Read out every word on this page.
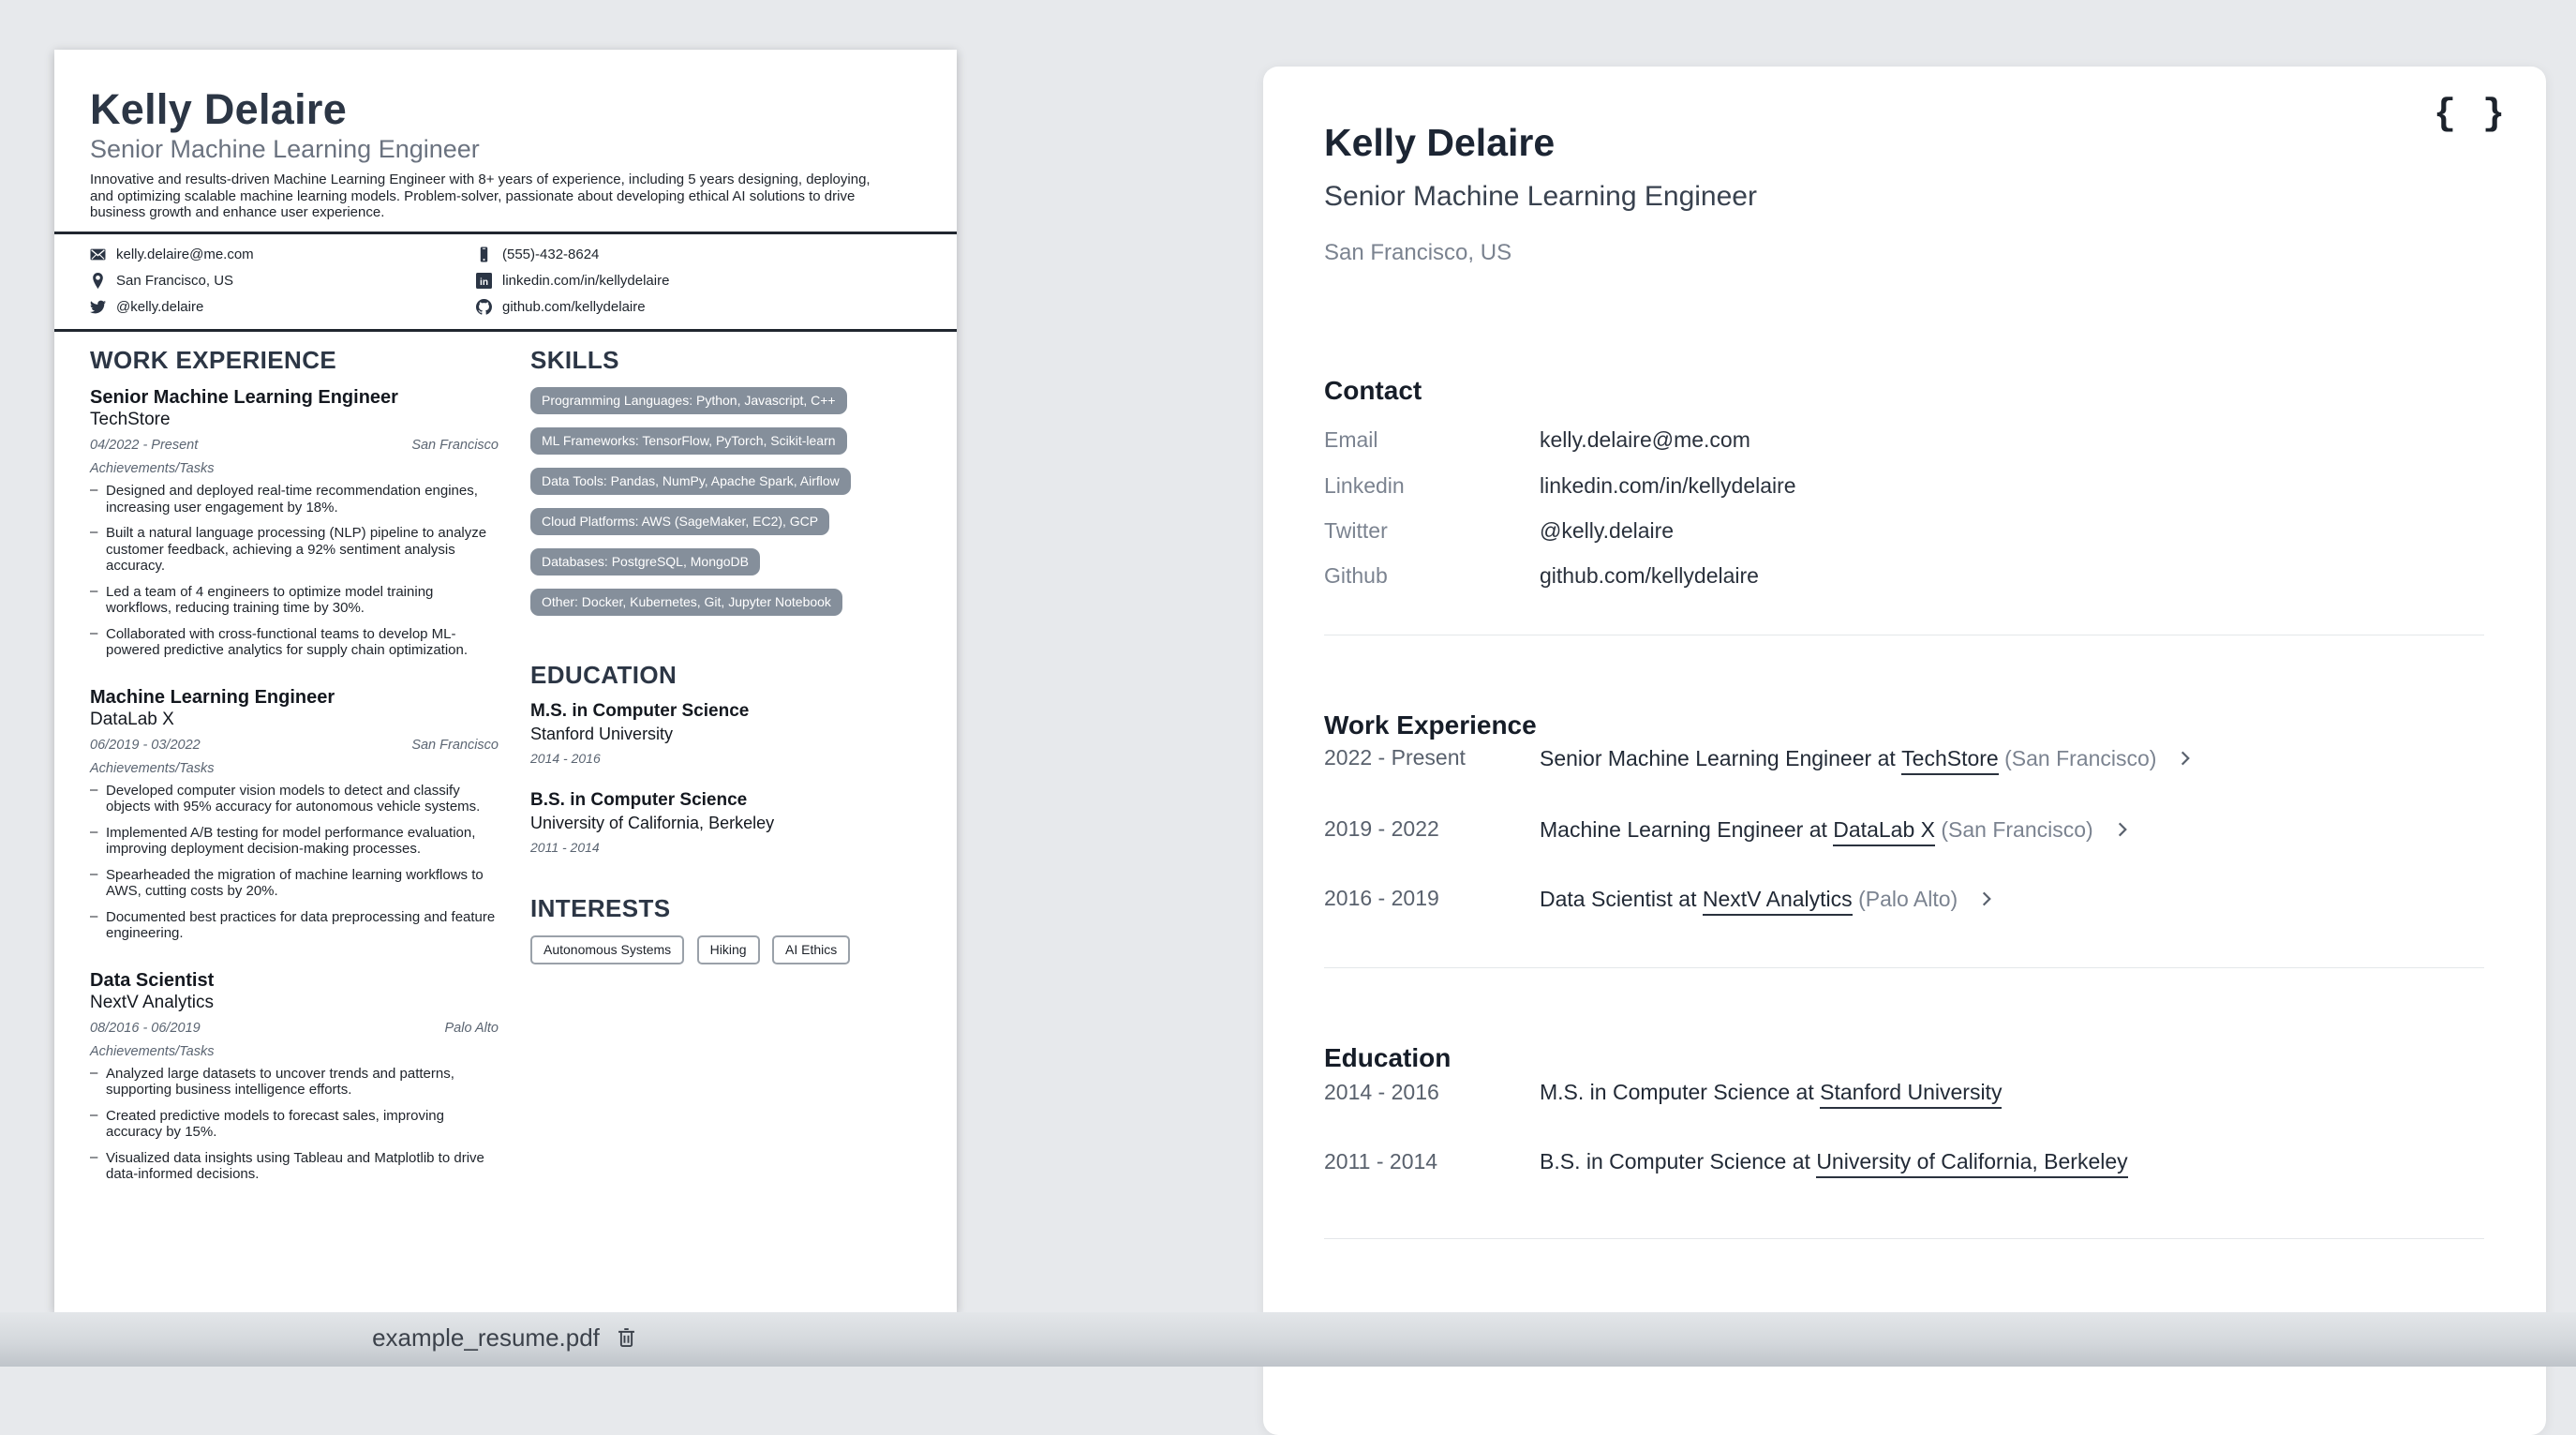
Kelly Delaire
Senior Machine Learning Engineer
Innovative and results-driven Machine Learning Engineer with 8+ years of experience, including 5 years designing, deploying, and optimizing scalable machine learning models. Problem-solver, passionate about developing ethical AI solutions to drive business growth and enhance user experience.
kelly.delaire@me.com	(555)-432-8624
San Francisco, US	in linkedin.com/in/kellydelaire
@kelly.delaire	github.com/kellydelaire
WORK EXPERIENCE
Senior Machine Learning Engineer
TechStore
04/2022 - Present	San Francisco
Achievements/Tasks
– Designed and deployed real-time recommendation engines, increasing user engagement by 18%.
– Built a natural language processing (NLP) pipeline to analyze customer feedback, achieving a 92% sentiment analysis accuracy.
– Led a team of 4 engineers to optimize model training workflows, reducing training time by 30%.
– Collaborated with cross-functional teams to develop ML-powered predictive analytics for supply chain optimization.
Machine Learning Engineer
DataLab X
06/2019 - 03/2022	San Francisco
Achievements/Tasks
– Developed computer vision models to detect and classify objects with 95% accuracy for autonomous vehicle systems.
– Implemented A/B testing for model performance evaluation, improving deployment decision-making processes.
– Spearheaded the migration of machine learning workflows to AWS, cutting costs by 20%.
– Documented best practices for data preprocessing and feature engineering.
Data Scientist
NextV Analytics
08/2016 - 06/2019	Palo Alto
Achievements/Tasks
– Analyzed large datasets to uncover trends and patterns, supporting business intelligence efforts.
– Created predictive models to forecast sales, improving accuracy by 15%.
– Visualized data insights using Tableau and Matplotlib to drive data-informed decisions.
SKILLS
Programming Languages: Python, Javascript, C++
ML Frameworks: TensorFlow, PyTorch, Scikit-learn
Data Tools: Pandas, NumPy, Apache Spark, Airflow
Cloud Platforms: AWS (SageMaker, EC2), GCP
Databases: PostgreSQL, MongoDB
Other: Docker, Kubernetes, Git, Jupyter Notebook
EDUCATION
M.S. in Computer Science
Stanford University
2014 - 2016
B.S. in Computer Science
University of California, Berkeley
2011 - 2014
INTERESTS
Autonomous Systems	Hiking	AI Ethics
{ }
Kelly Delaire
Senior Machine Learning Engineer
San Francisco, US
Contact
Email	kelly.delaire@me.com
Linkedin	linkedin.com/in/kellydelaire
Twitter	@kelly.delaire
Github	github.com/kellydelaire
Work Experience
2022 - Present	Senior Machine Learning Engineer at TechStore
(San Francisco)
2019 - 2022	Machine Learning Engineer at DataLab X
(San Francisco)
2016 - 2019	Data Scientist at NextV Analytics
(Palo Alto)
Education
2014 - 2016	M.S. in Computer Science at Stanford University
2011 - 2014	B.S. in Computer Science at University of California, Berkeley
example_resume.pdf
